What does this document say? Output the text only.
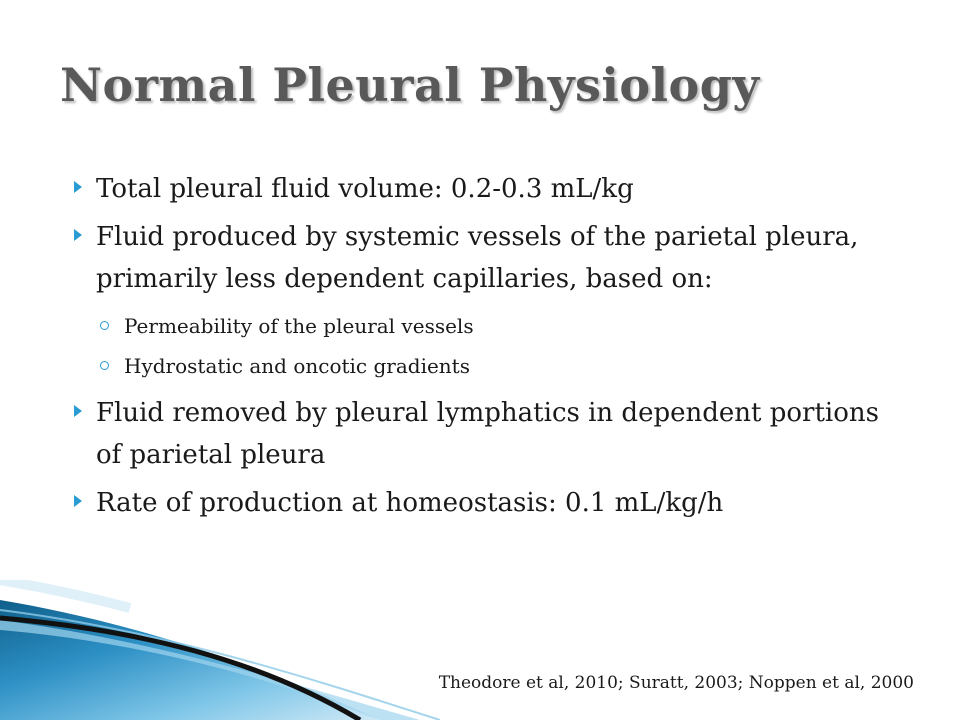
Normal Pleural Physiology
Total pleural fluid volume: 0.2-0.3 mL/kg
Fluid produced by systemic vessels of the parietal pleura, primarily less dependent capillaries, based on:
Permeability of the pleural vessels
Hydrostatic and oncotic gradients
Fluid removed by pleural lymphatics in dependent portions of parietal pleura
Rate of production at homeostasis: 0.1 mL/kg/h
Theodore et al, 2010; Suratt, 2003; Noppen et al, 2000
